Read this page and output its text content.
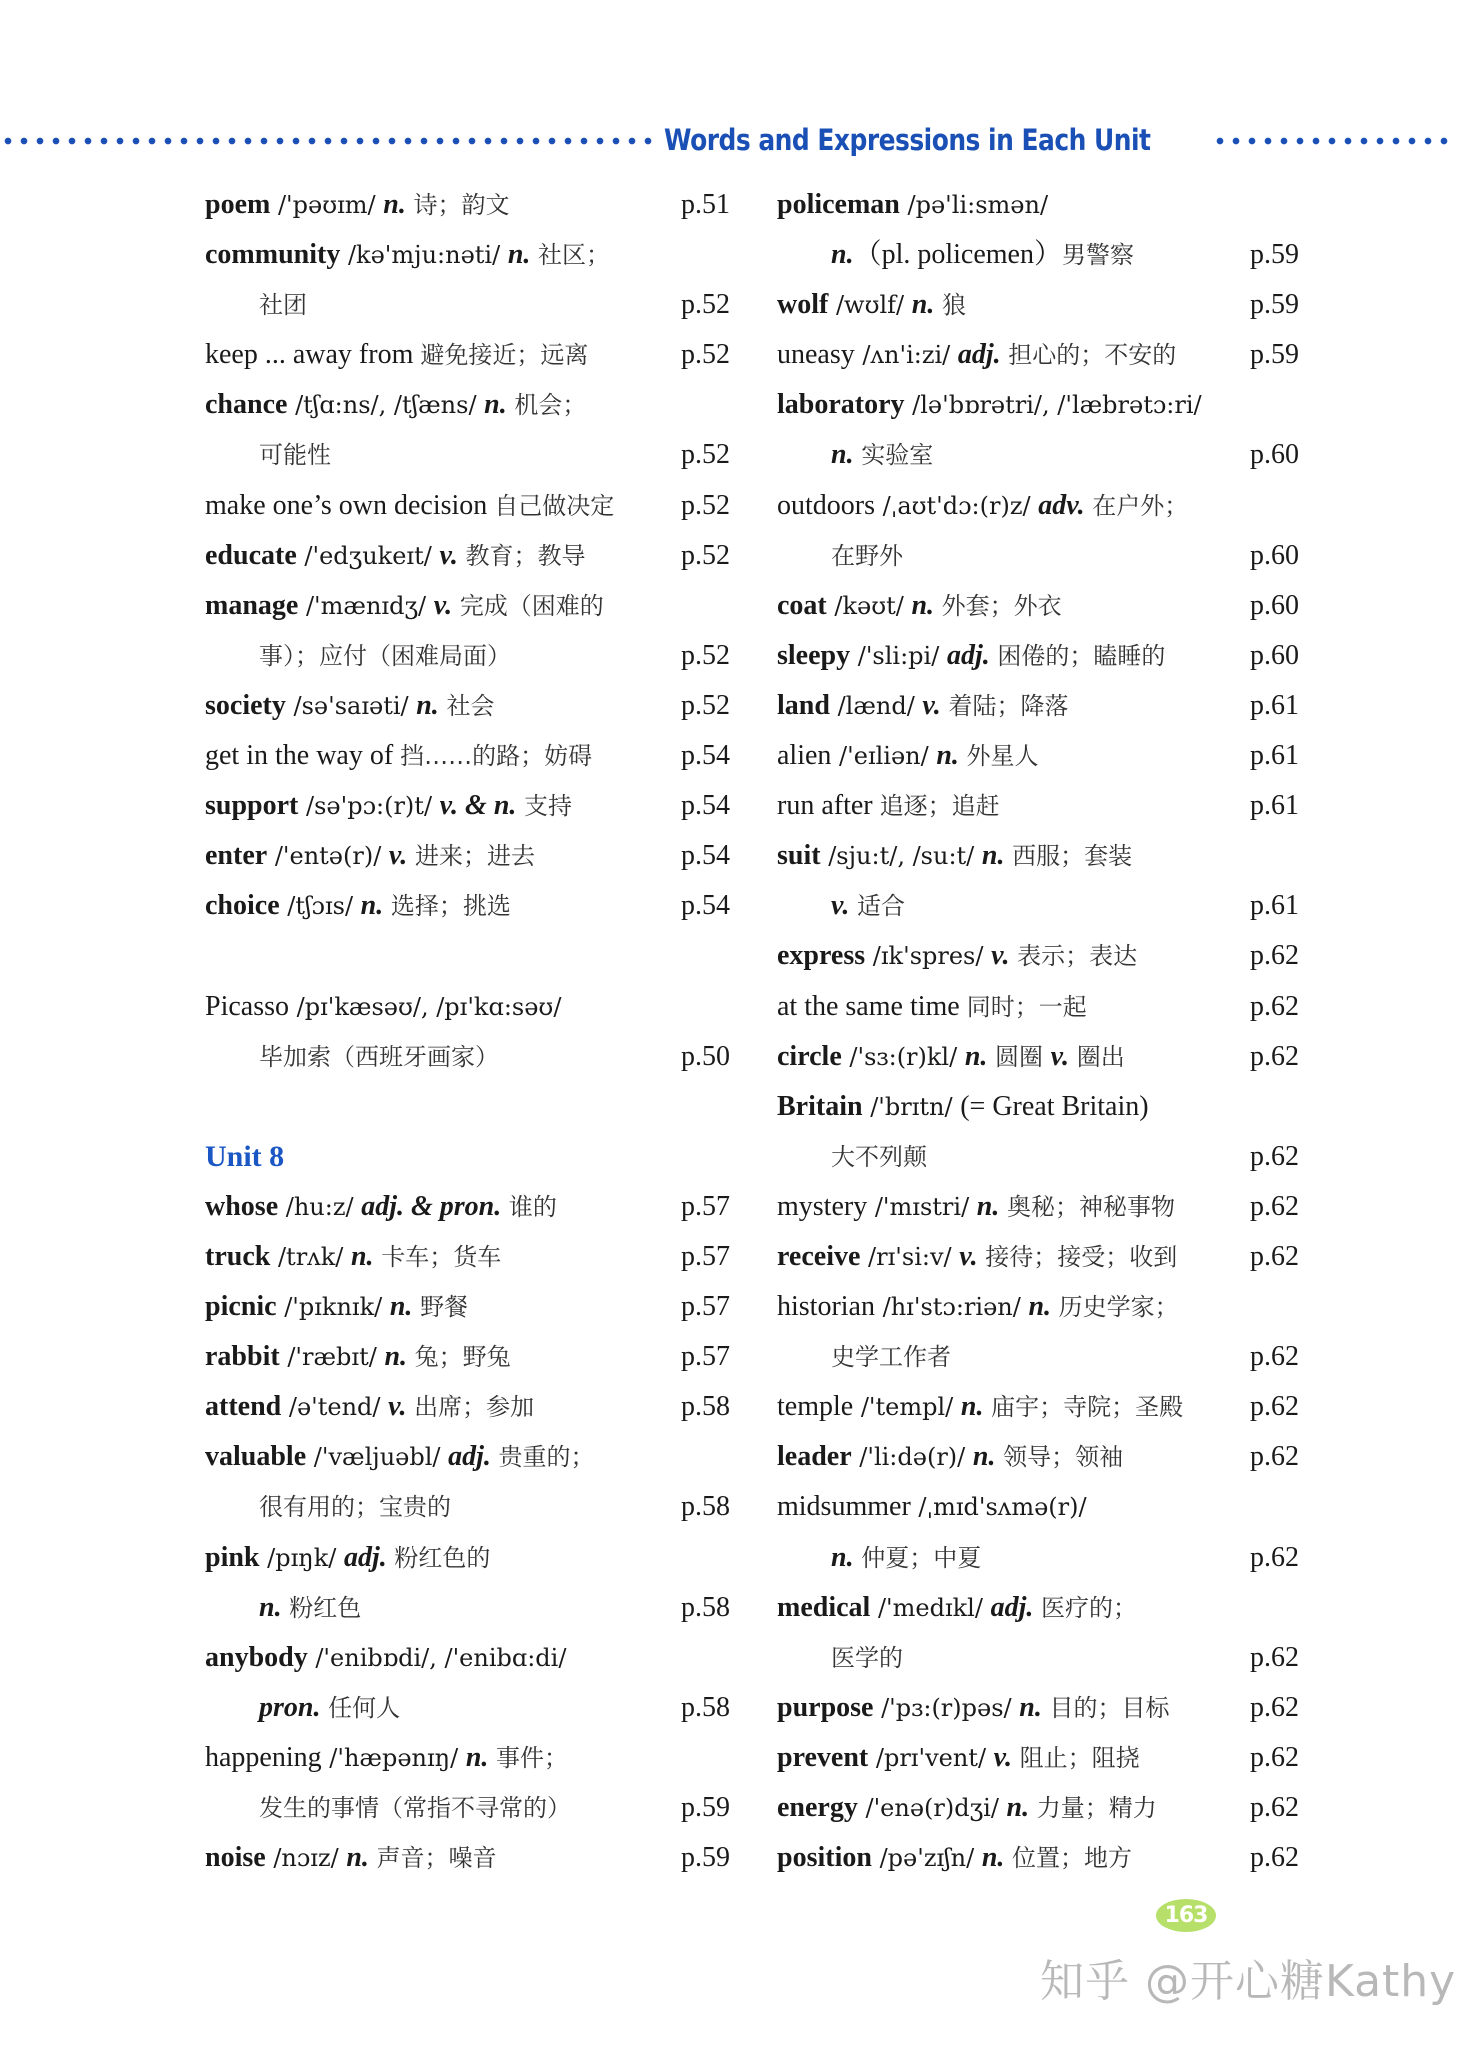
Words and Expressions in Each Unit
poem /'pəʊɪm/ n. 诗；韵文	p.51
community /kə'mju:nəti/ n. 社区；
社团	p.52
keep ... away from 避免接近；远离	p.52
chance /tʃɑ:ns/, /tʃæns/ n. 机会；
可能性	p.52
make one’s own decision 自己做决定 p.52
educate /'edʒukeɪt/ v. 教育；教导	p.52
manage /'mænɪdʒ/ v. 完成（困难的
事）；应付（困难局面）	p.52
society /sə'saɪəti/ n. 社会	p.52
get in the way of 挡……的路；妨碍	p.54
support /sə'pɔ:(r)t/ v. & n. 支持	p.54
enter /'entə(r)/ v. 进来；进去	p.54
choice /tʃɔɪs/ n. 选择；挑选	p.54
Picasso /pɪ'kæsəʊ/, /pɪ'kɑ:səʊ/
毕加索（西班牙画家）	p.50
Unit 8
whose /hu:z/ adj. & pron. 谁的	p.57
truck /trʌk/ n. 卡车；货车	p.57
picnic /'pɪknɪk/ n. 野餐	p.57
rabbit /'ræbɪt/ n. 兔；野兔	p.57
attend /ə'tend/ v. 出席；参加	p.58
valuable /'væljuəbl/ adj. 贵重的；
很有用的；宝贵的	p.58
pink /pɪŋk/ adj. 粉红色的
n. 粉红色	p.58
anybody /'enibɒdi/, /'enibɑ:di/
pron. 任何人	p.58
happening /'hæpənɪŋ/ n. 事件；
发生的事情（常指不寻常的）	p.59
noise /nɔɪz/ n. 声音；噪音	p.59
policeman /pə'li:smən/
n.（pl. policemen）男警察	p.59
wolf /wʊlf/ n. 狼	p.59
uneasy /ʌn'i:zi/ adj. 担心的；不安的	p.59
laboratory /lə'bɒrətri/, /'læbrətɔ:ri/
n. 实验室	p.60
outdoors /ˌaʊt'dɔ:(r)z/ adv. 在户外；
在野外	p.60
coat /kəʊt/ n. 外套；外衣	p.60
sleepy /'sli:pi/ adj. 困倦的；瞌睡的	p.60
land /lænd/ v. 着陆；降落	p.61
alien /'eɪliən/ n. 外星人	p.61
run after 追逐；追赶	p.61
suit /sju:t/, /su:t/ n. 西服；套装
v. 适合	p.61
express /ɪk'spres/ v. 表示；表达	p.62
at the same time 同时；一起	p.62
circle /'sɜ:(r)kl/ n. 圆圈 v. 圈出	p.62
Britain /'brɪtn/ (= Great Britain)
大不列颠	p.62
mystery /'mɪstri/ n. 奥秘；神秘事物	p.62
receive /rɪ'si:v/ v. 接待；接受；收到	p.62
historian /hɪ'stɔ:riən/ n. 历史学家；
史学工作者	p.62
temple /'templ/ n. 庙宇；寺院；圣殿 p.62
leader /'li:də(r)/ n. 领导；领袖	p.62
midsummer /ˌmɪd'sʌmə(r)/
n. 仲夏；中夏	p.62
medical /'medɪkl/ adj. 医疗的；
医学的	p.62
purpose /'pɜ:(r)pəs/ n. 目的；目标	p.62
prevent /prɪ'vent/ v. 阻止；阻挠	p.62
energy /'enə(r)dʒi/ n. 力量；精力	p.62
position /pə'zɪʃn/ n. 位置；地方	p.62
163
知乎 @开心糖Kathy
